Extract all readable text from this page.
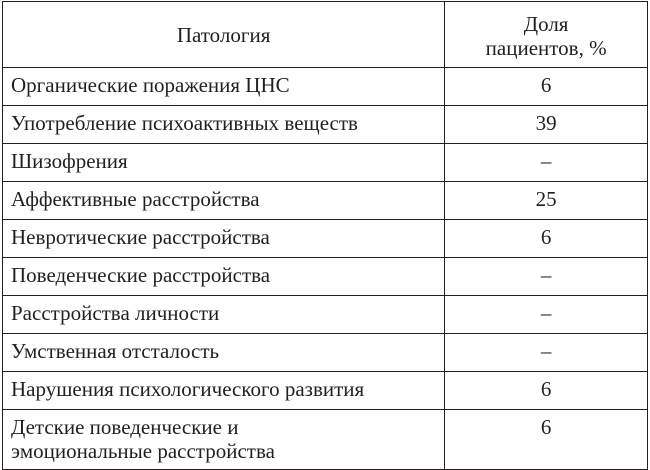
Патология	Доля
пациентов, %
Органические поражения ЦНС	6
Употребление психоактивных веществ	39
Шизофрения	–
Аффективные расстройства	25
Невротические расстройства	6
Поведенческие расстройства	–
Расстройства личности	–
Умственная отсталость	–
Нарушения психологического развития	6
Детские поведенческие и
эмоциональные расстройства	6
